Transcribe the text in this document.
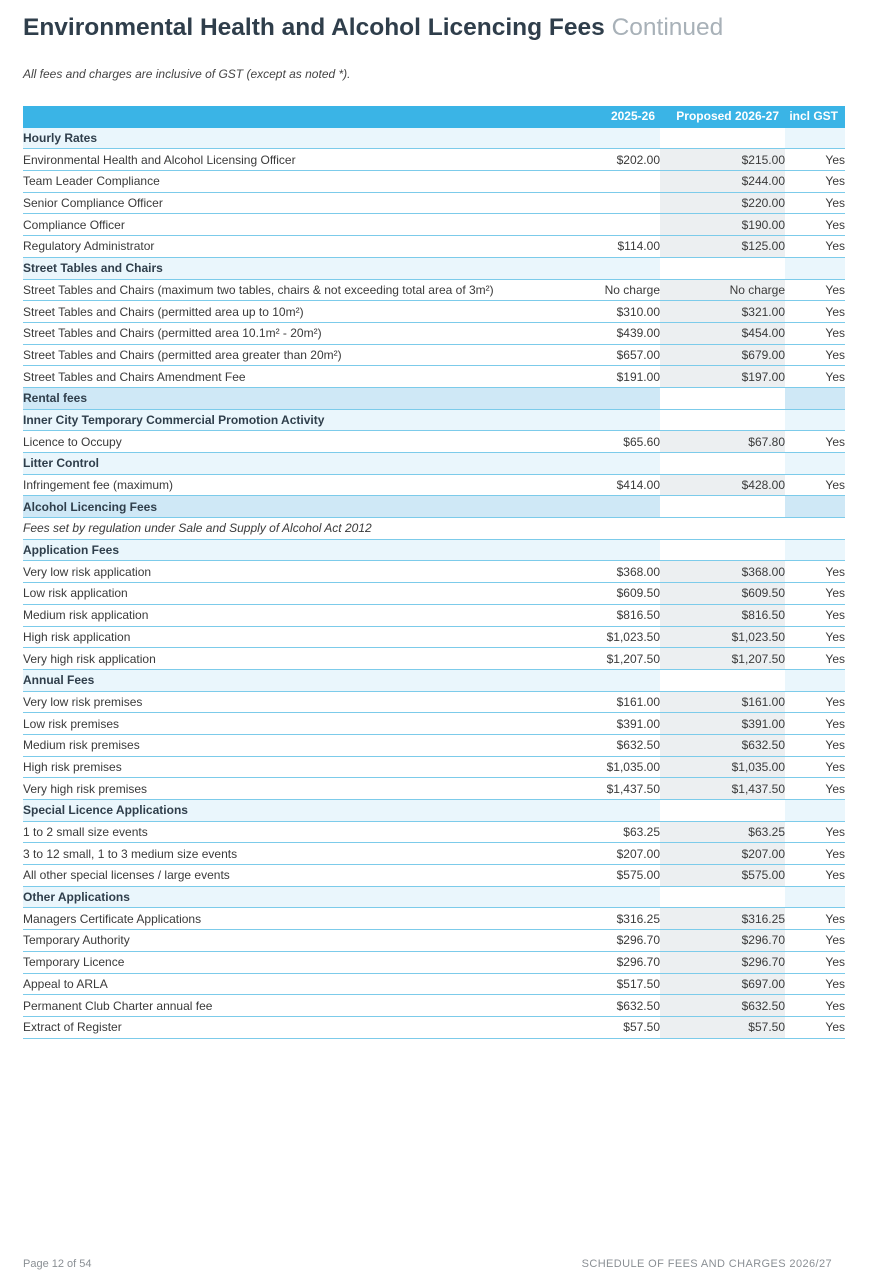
Environmental Health and Alcohol Licencing Fees Continued
All fees and charges are inclusive of GST (except as noted *).
	2025-26	Proposed 2026-27	incl GST
Hourly Rates			
Environmental Health and Alcohol Licensing Officer	$202.00	$215.00	Yes
Team Leader Compliance		$244.00	Yes
Senior Compliance Officer		$220.00	Yes
Compliance Officer		$190.00	Yes
Regulatory Administrator	$114.00	$125.00	Yes
Street Tables and Chairs			
Street Tables and Chairs (maximum two tables, chairs & not exceeding total area of 3m²)	No charge	No charge	Yes
Street Tables and Chairs (permitted area up to 10m²)	$310.00	$321.00	Yes
Street Tables and Chairs (permitted area 10.1m² - 20m²)	$439.00	$454.00	Yes
Street Tables and Chairs (permitted area greater than 20m²)	$657.00	$679.00	Yes
Street Tables and Chairs Amendment Fee	$191.00	$197.00	Yes
Rental fees			
Inner City Temporary Commercial Promotion Activity			
Licence to Occupy	$65.60	$67.80	Yes
Litter Control			
Infringement fee (maximum)	$414.00	$428.00	Yes
Alcohol Licencing Fees			
Fees set by regulation under Sale and Supply of Alcohol Act 2012			
Application Fees			
Very low risk application	$368.00	$368.00	Yes
Low risk application	$609.50	$609.50	Yes
Medium risk application	$816.50	$816.50	Yes
High risk application	$1,023.50	$1,023.50	Yes
Very high risk application	$1,207.50	$1,207.50	Yes
Annual Fees			
Very low risk premises	$161.00	$161.00	Yes
Low risk premises	$391.00	$391.00	Yes
Medium risk premises	$632.50	$632.50	Yes
High risk premises	$1,035.00	$1,035.00	Yes
Very high risk premises	$1,437.50	$1,437.50	Yes
Special Licence Applications			
1 to 2 small size events	$63.25	$63.25	Yes
3 to 12 small, 1 to 3 medium size events	$207.00	$207.00	Yes
All other special licenses / large events	$575.00	$575.00	Yes
Other Applications			
Managers Certificate Applications	$316.25	$316.25	Yes
Temporary Authority	$296.70	$296.70	Yes
Temporary Licence	$296.70	$296.70	Yes
Appeal to ARLA	$517.50	$697.00	Yes
Permanent Club Charter annual fee	$632.50	$632.50	Yes
Extract of Register	$57.50	$57.50	Yes
Page 12 of 54	SCHEDULE OF FEES AND CHARGES 2026/27
